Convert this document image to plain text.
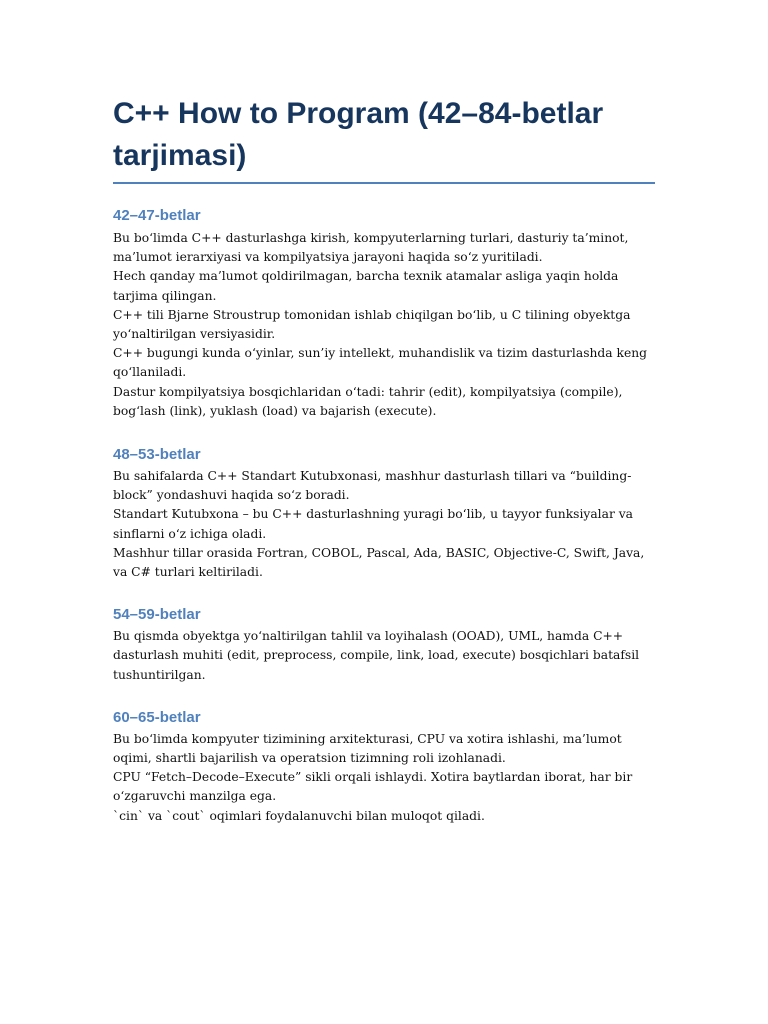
C++ How to Program (42–84-betlar tarjimasi)
42–47-betlar

Bu bo‘limda C++ dasturlashga kirish, kompyuterlarning turlari, dasturiy ta’minot, ma’lumot ierarxiyasi va kompilyatsiya jarayoni haqida so‘z yuritiladi.

Hech qanday ma’lumot qoldirilmagan, barcha texnik atamalar asliga yaqin holda tarjima qilingan.

C++ tili Bjarne Stroustrup tomonidan ishlab chiqilgan bo‘lib, u C tilining obyektga yo‘naltirilgan versiyasidir.

C++ bugungi kunda o‘yinlar, sun’iy intellekt, muhandislik va tizim dasturlashda keng qo‘llaniladi.

Dastur kompilyatsiya bosqichlaridan o‘tadi: tahrir (edit), kompilyatsiya (compile), bog‘lash (link), yuklash (load) va bajarish (execute).

48–53-betlar

Bu sahifalarda C++ Standart Kutubxonasi, mashhur dasturlash tillari va “building-block” yondashuvi haqida so‘z boradi.

Standart Kutubxona – bu C++ dasturlashning yuragi bo‘lib, u tayyor funksiyalar va sinflarni o‘z ichiga oladi.

Mashhur tillar orasida Fortran, COBOL, Pascal, Ada, BASIC, Objective-C, Swift, Java, va C# turlari keltiriladi.

54–59-betlar

Bu qismda obyektga yo‘naltirilgan tahlil va loyihalash (OOAD), UML, hamda C++ dasturlash muhiti (edit, preprocess, compile, link, load, execute) bosqichlari batafsil tushuntirilgan.

60–65-betlar

Bu bo‘limda kompyuter tizimining arxitekturasi, CPU va xotira ishlashi, ma’lumot oqimi, shartli bajarilish va operatsion tizimning roli izohlanadi.

CPU “Fetch–Decode–Execute” sikli orqali ishlaydi. Xotira baytlardan iborat, har bir o‘zgaruvchi manzilga ega.

`cin` va `cout` oqimlari foydalanuvchi bilan muloqot qiladi.
